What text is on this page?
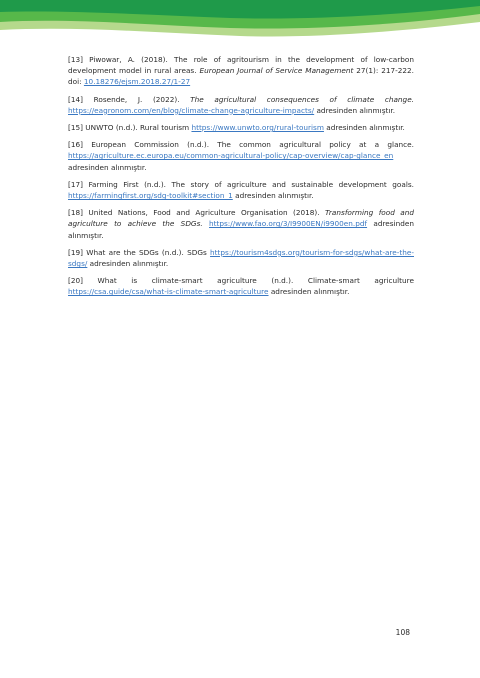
[13] Piwowar, A. (2018). The role of agritourism in the development of low-carbon development model in rural areas. European Journal of Service Management 27(1): 217-222. doi: 10.18276/ejsm.2018.27/1-27

[14] Rosende, J. (2022). The agricultural consequences of climate change. https://eagronom.com/en/blog/climate-change-agriculture-impacts/ adresinden alınmıştır.

[15] UNWTO (n.d.). Rural tourism https://www.unwto.org/rural-tourism adresinden alınmıştır.

[16] European Commission (n.d.). The common agricultural policy at a glance. https://agriculture.ec.europa.eu/common-agricultural-policy/cap-overview/cap-glance_en adresinden alınmıştır.

[17] Farming First (n.d.). The story of agriculture and sustainable development goals. https://farmingfirst.org/sdg-toolkit#section_1 adresinden alınmıştır.

[18] United Nations, Food and Agriculture Organisation (2018). Transforming food and agriculture to achieve the SDGs. https://www.fao.org/3/I9900EN/i9900en.pdf adresinden alınmıştır.

[19] What are the SDGs (n.d.). SDGs https://tourism4sdgs.org/tourism-for-sdgs/what-are-the-sdgs/ adresinden alınmıştır.

[20] What is climate-smart agriculture (n.d.). Climate-smart agriculture https://csa.guide/csa/what-is-climate-smart-agriculture adresinden alınmıştır.

108
